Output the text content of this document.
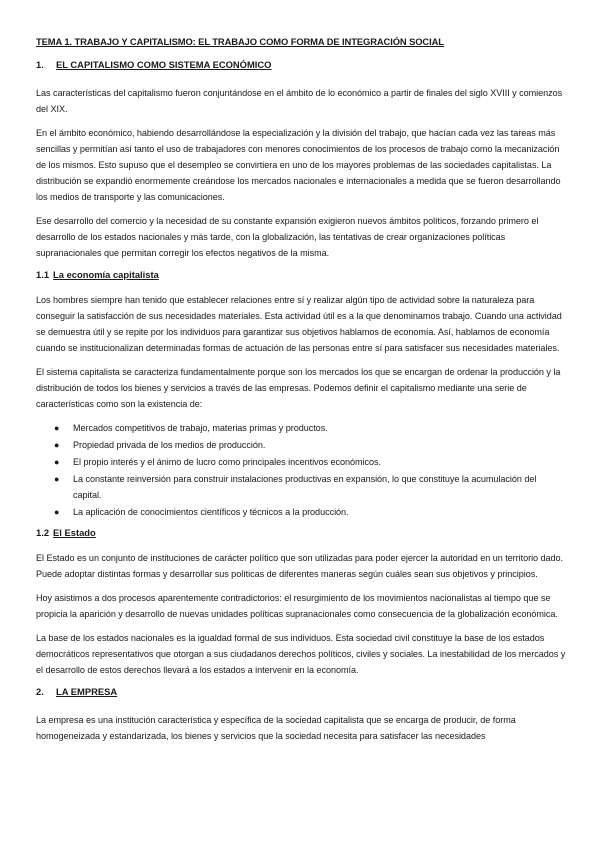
TEMA 1. TRABAJO Y CAPITALISMO: EL TRABAJO COMO FORMA DE INTEGRACIÓN SOCIAL
1. EL CAPITALISMO COMO SISTEMA ECONÓMICO

Las características del capitalismo fueron conjuntándose en el ámbito de lo económico a partir de finales del siglo XVIII y comienzos del XIX.

En el ámbito económico, habiendo desarrollándose la especialización y la división del trabajo, que hacían cada vez las tareas más sencillas y permitían así tanto el uso de trabajadores con menores conocimientos de los procesos de trabajo como la mecanización de los mismos. Esto supuso que el desempleo se convirtiera en uno de los mayores problemas de las sociedades capitalistas. La distribución se expandió enormemente creándose los mercados nacionales e internacionales a medida que se fueron desarrollando los medios de transporte y las comunicaciones.

Ese desarrollo del comercio y la necesidad de su constante expansión exigieron nuevos ámbitos políticos, forzando primero el desarrollo de los estados nacionales y más tarde, con la globalización, las tentativas de crear organizaciones políticas supranacionales que permitan corregir los efectos negativos de la misma.

1.1 La economía capitalista

Los hombres siempre han tenido que establecer relaciones entre sí y realizar algún tipo de actividad sobre la naturaleza para conseguir la satisfacción de sus necesidades materiales. Esta actividad útil es a la que denominamos trabajo. Cuando una actividad se demuestra útil y se repite por los individuos para garantizar sus objetivos hablamos de economía. Así, hablamos de economía cuando se institucionalizan determinadas formas de actuación de las personas entre sí para satisfacer sus necesidades materiales.

El sistema capitalista se caracteriza fundamentalmente porque son los mercados los que se encargan de ordenar la producción y la distribución de todos los bienes y servicios a través de las empresas. Podemos definir el capitalismo mediante una serie de características como son la existencia de:

● Mercados competitivos de trabajo, materias primas y productos.
● Propiedad privada de los medios de producción.
● El propio interés y el ánimo de lucro como principales incentivos económicos.
● La constante reinversión para construir instalaciones productivas en expansión, lo que constituye la acumulación del capital.
● La aplicación de conocimientos científicos y técnicos a la producción.
1.2 El Estado

El Estado es un conjunto de instituciones de carácter político que son utilizadas para poder ejercer la autoridad en un territorio dado. Puede adoptar distintas formas y desarrollar sus políticas de diferentes maneras según cuáles sean sus objetivos y principios.

Hoy asistimos a dos procesos aparentemente contradictorios: el resurgimiento de los movimientos nacionalistas al tiempo que se propicia la aparición y desarrollo de nuevas unidades políticas supranacionales como consecuencia de la globalización económica.

La base de los estados nacionales es la igualdad formal de sus individuos. Esta sociedad civil constituye la base de los estados democráticos representativos que otorgan a sus ciudadanos derechos políticos, civiles y sociales. La inestabilidad de los mercados y el desarrollo de estos derechos llevará a los estados a intervenir en la economía.

2. LA EMPRESA

La empresa es una institución característica y específica de la sociedad capitalista que se encarga de producir, de forma homogeneizada y estandarizada, los bienes y servicios que la sociedad necesita para satisfacer las necesidades
